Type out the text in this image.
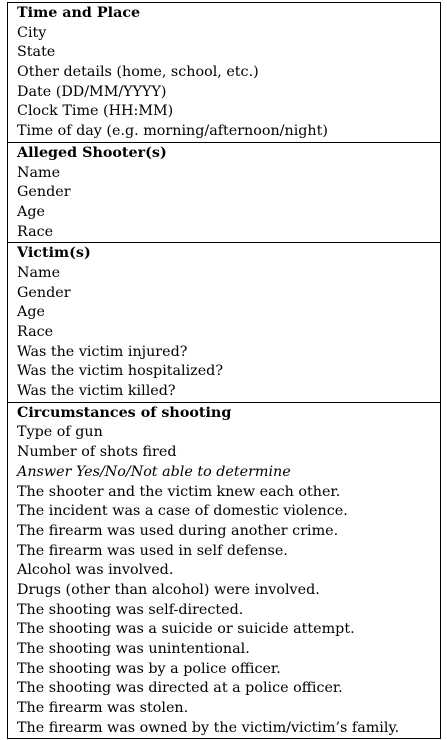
Time and Place
City
State
Other details (home, school, etc.)
Date (DD/MM/YYYY)
Clock Time (HH:MM)
Time of day (e.g. morning/afternoon/night)
Alleged Shooter(s)
Name
Gender
Age
Race
Victim(s)
Name
Gender
Age
Race
Was the victim injured?
Was the victim hospitalized?
Was the victim killed?
Circumstances of shooting
Type of gun
Number of shots fired
Answer Yes/No/Not able to determine
The shooter and the victim knew each other.
The incident was a case of domestic violence.
The firearm was used during another crime.
The firearm was used in self defense.
Alcohol was involved.
Drugs (other than alcohol) were involved.
The shooting was self-directed.
The shooting was a suicide or suicide attempt.
The shooting was unintentional.
The shooting was by a police officer.
The shooting was directed at a police officer.
The firearm was stolen.
The firearm was owned by the victim/victim’s family.
